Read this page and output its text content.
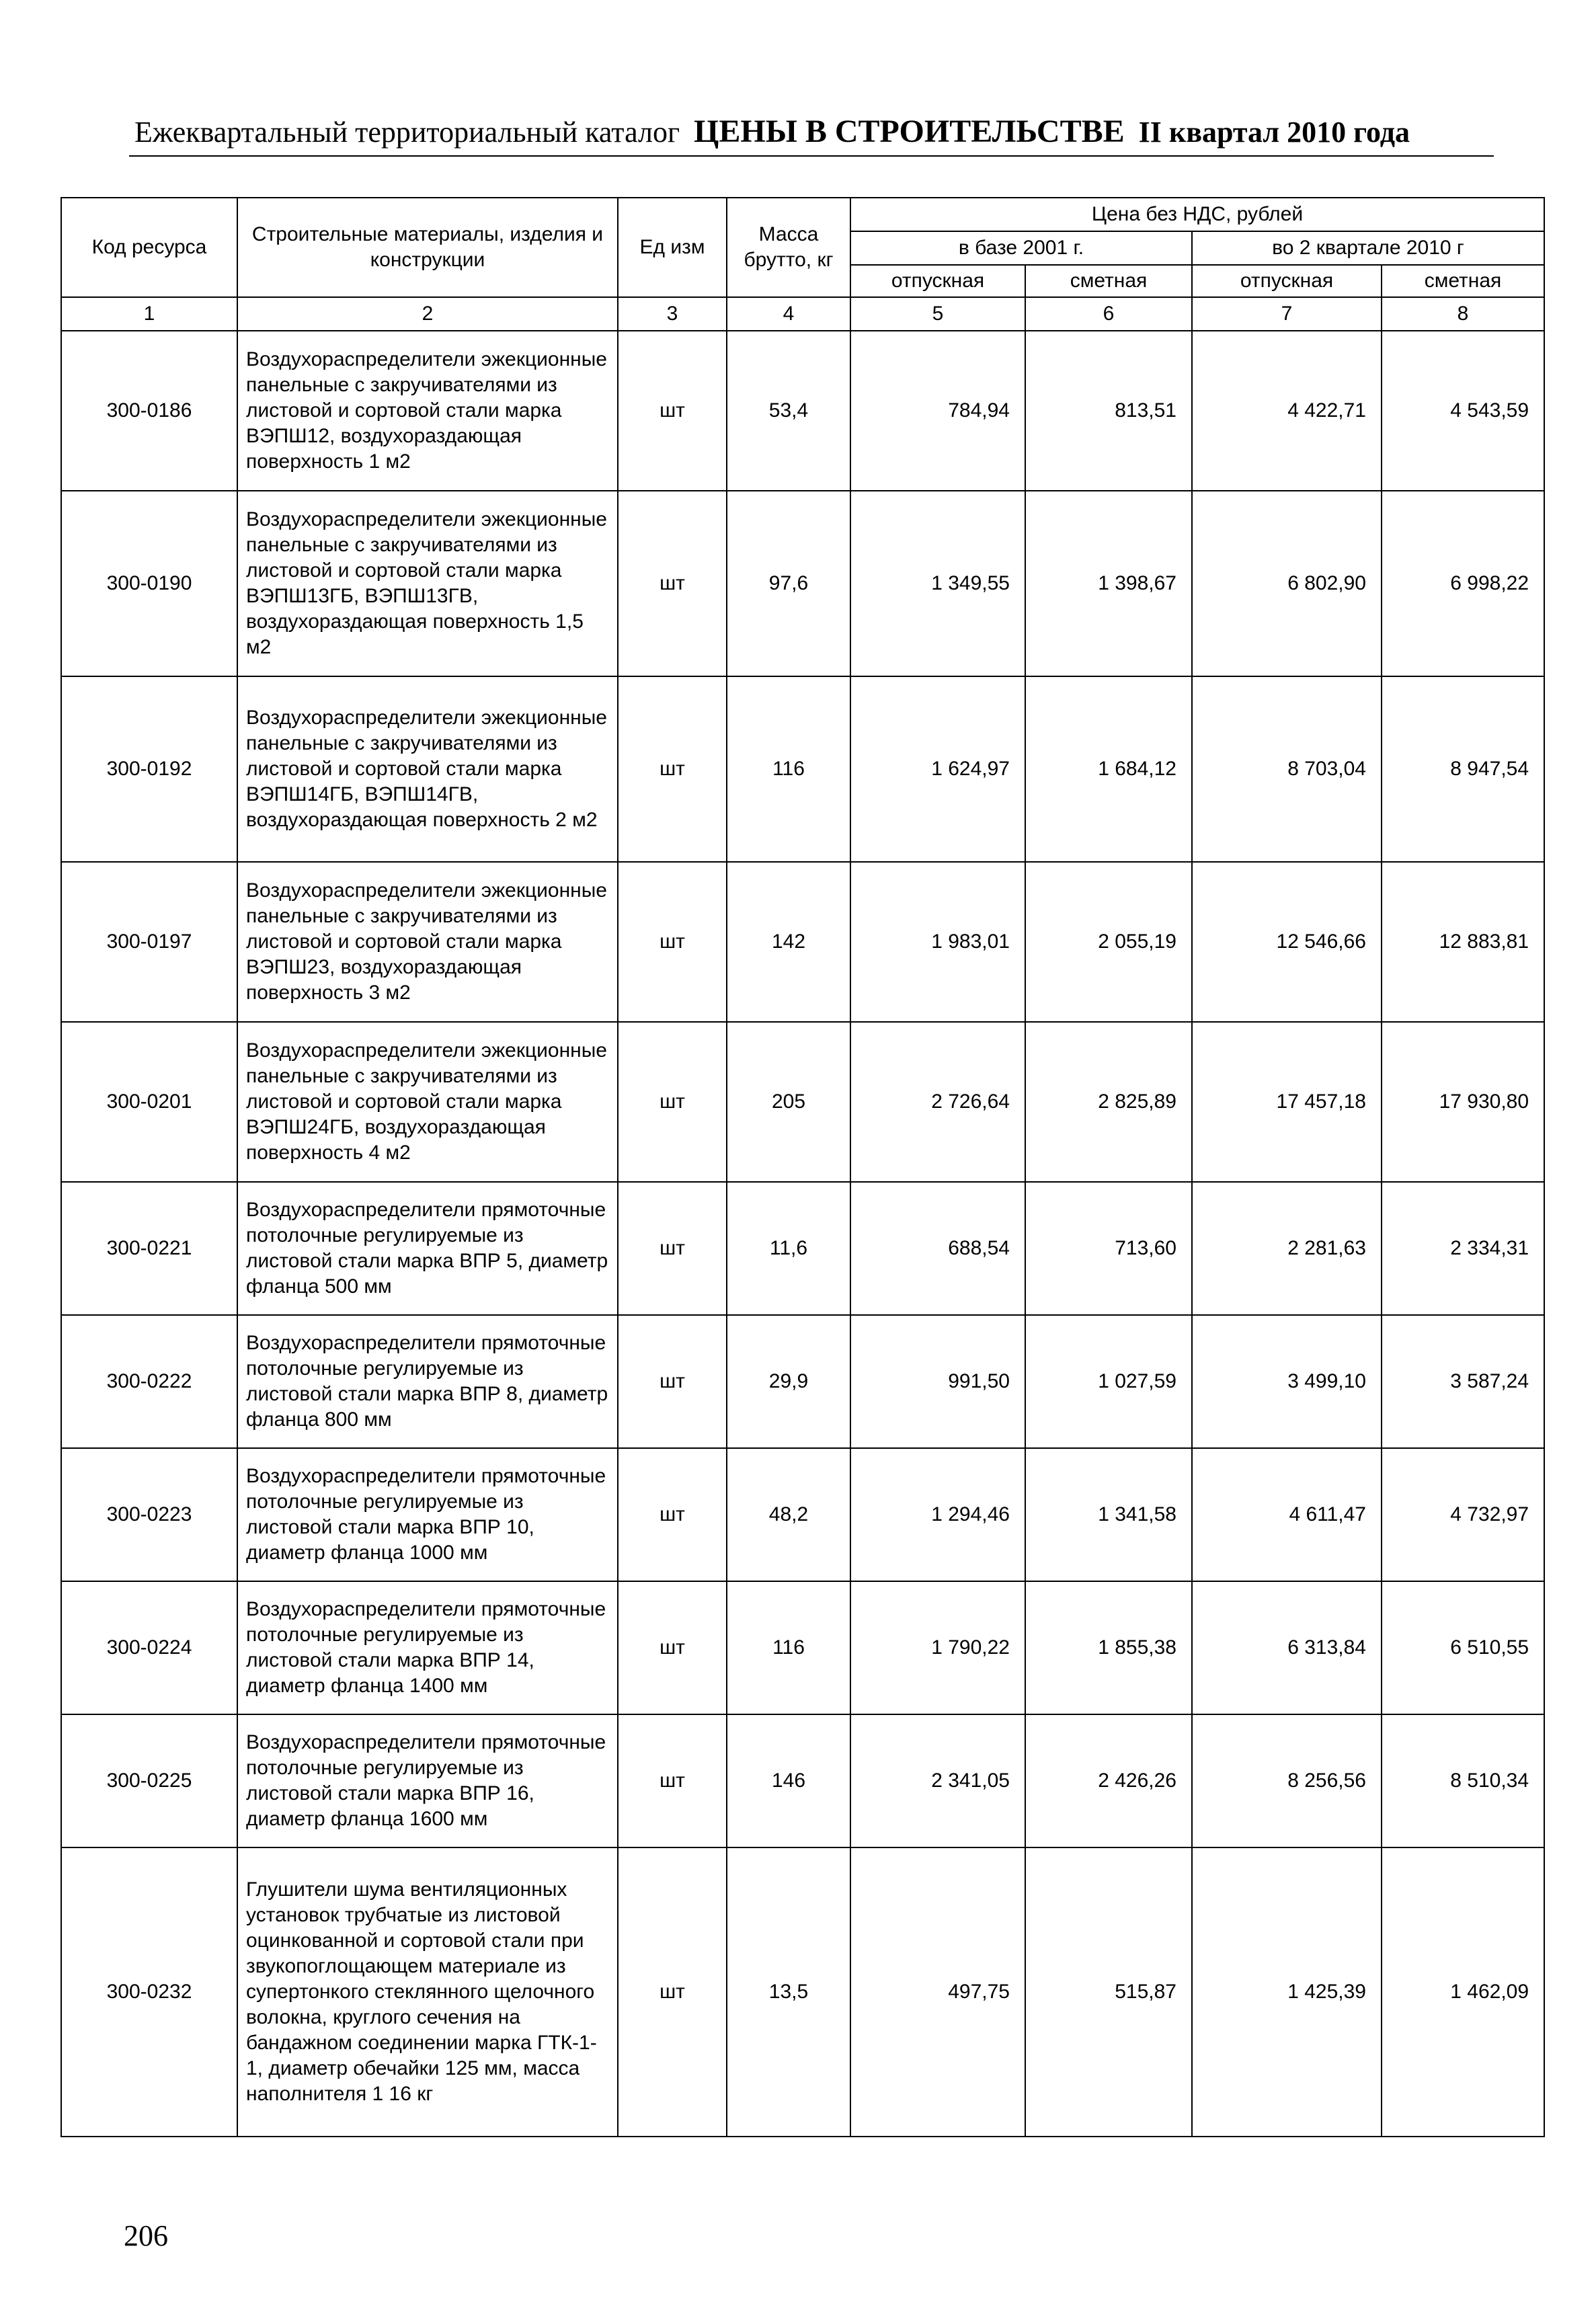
Ежеквартальный территориальный каталог ЦЕНЫ В СТРОИТЕЛЬСТВЕ II квартал 2010 года
Код ресурса	Строительные материалы, изделия и конструкции	Ед изм	Масса брутто, кг	Цена без НДС, рублей			
				в базе 2001 г.		во 2 квартале 2010 г	
				отпускная	сметная	отпускная	сметная
1	2	3	4	5	6	7	8
300-0186	Воздухораспределители эжекционные панельные с закручивателями из листовой и сортовой стали марка ВЭПШ12, воздухораздающая поверхность 1 м2	шт	53,4	784,94	813,51	4 422,71	4 543,59
300-0190	Воздухораспределители эжекционные панельные с закручивателями из листовой и сортовой стали марка ВЭПШ13ГБ, ВЭПШ13ГВ, воздухораздающая поверхность 1,5 м2	шт	97,6	1 349,55	1 398,67	6 802,90	6 998,22
300-0192	Воздухораспределители эжекционные панельные с закручивателями из листовой и сортовой стали марка ВЭПШ14ГБ, ВЭПШ14ГВ, воздухораздающая поверхность 2 м2	шт	116	1 624,97	1 684,12	8 703,04	8 947,54
300-0197	Воздухораспределители эжекционные панельные с закручивателями из листовой и сортовой стали марка ВЭПШ23, воздухораздающая поверхность 3 м2	шт	142	1 983,01	2 055,19	12 546,66	12 883,81
300-0201	Воздухораспределители эжекционные панельные с закручивателями из листовой и сортовой стали марка ВЭПШ24ГБ, воздухораздающая поверхность 4 м2	шт	205	2 726,64	2 825,89	17 457,18	17 930,80
300-0221	Воздухораспределители прямоточные потолочные регулируемые из листовой стали марка ВПР 5, диаметр фланца 500 мм	шт	11,6	688,54	713,60	2 281,63	2 334,31
300-0222	Воздухораспределители прямоточные потолочные регулируемые из листовой стали марка ВПР 8, диаметр фланца 800 мм	шт	29,9	991,50	1 027,59	3 499,10	3 587,24
300-0223	Воздухораспределители прямоточные потолочные регулируемые из листовой стали марка ВПР 10, диаметр фланца 1000 мм	шт	48,2	1 294,46	1 341,58	4 611,47	4 732,97
300-0224	Воздухораспределители прямоточные потолочные регулируемые из листовой стали марка ВПР 14, диаметр фланца 1400 мм	шт	116	1 790,22	1 855,38	6 313,84	6 510,55
300-0225	Воздухораспределители прямоточные потолочные регулируемые из листовой стали марка ВПР 16, диаметр фланца 1600 мм	шт	146	2 341,05	2 426,26	8 256,56	8 510,34
300-0232	Глушители шума вентиляционных установок трубчатые из листовой оцинкованной и сортовой стали при звукопоглощающем материале из супертонкого стеклянного щелочного волокна, круглого сечения на бандажном соединении марка ГТК-1-1, диаметр обечайки 125 мм, масса наполнителя 1 16 кг	шт	13,5	497,75	515,87	1 425,39	1 462,09
206
